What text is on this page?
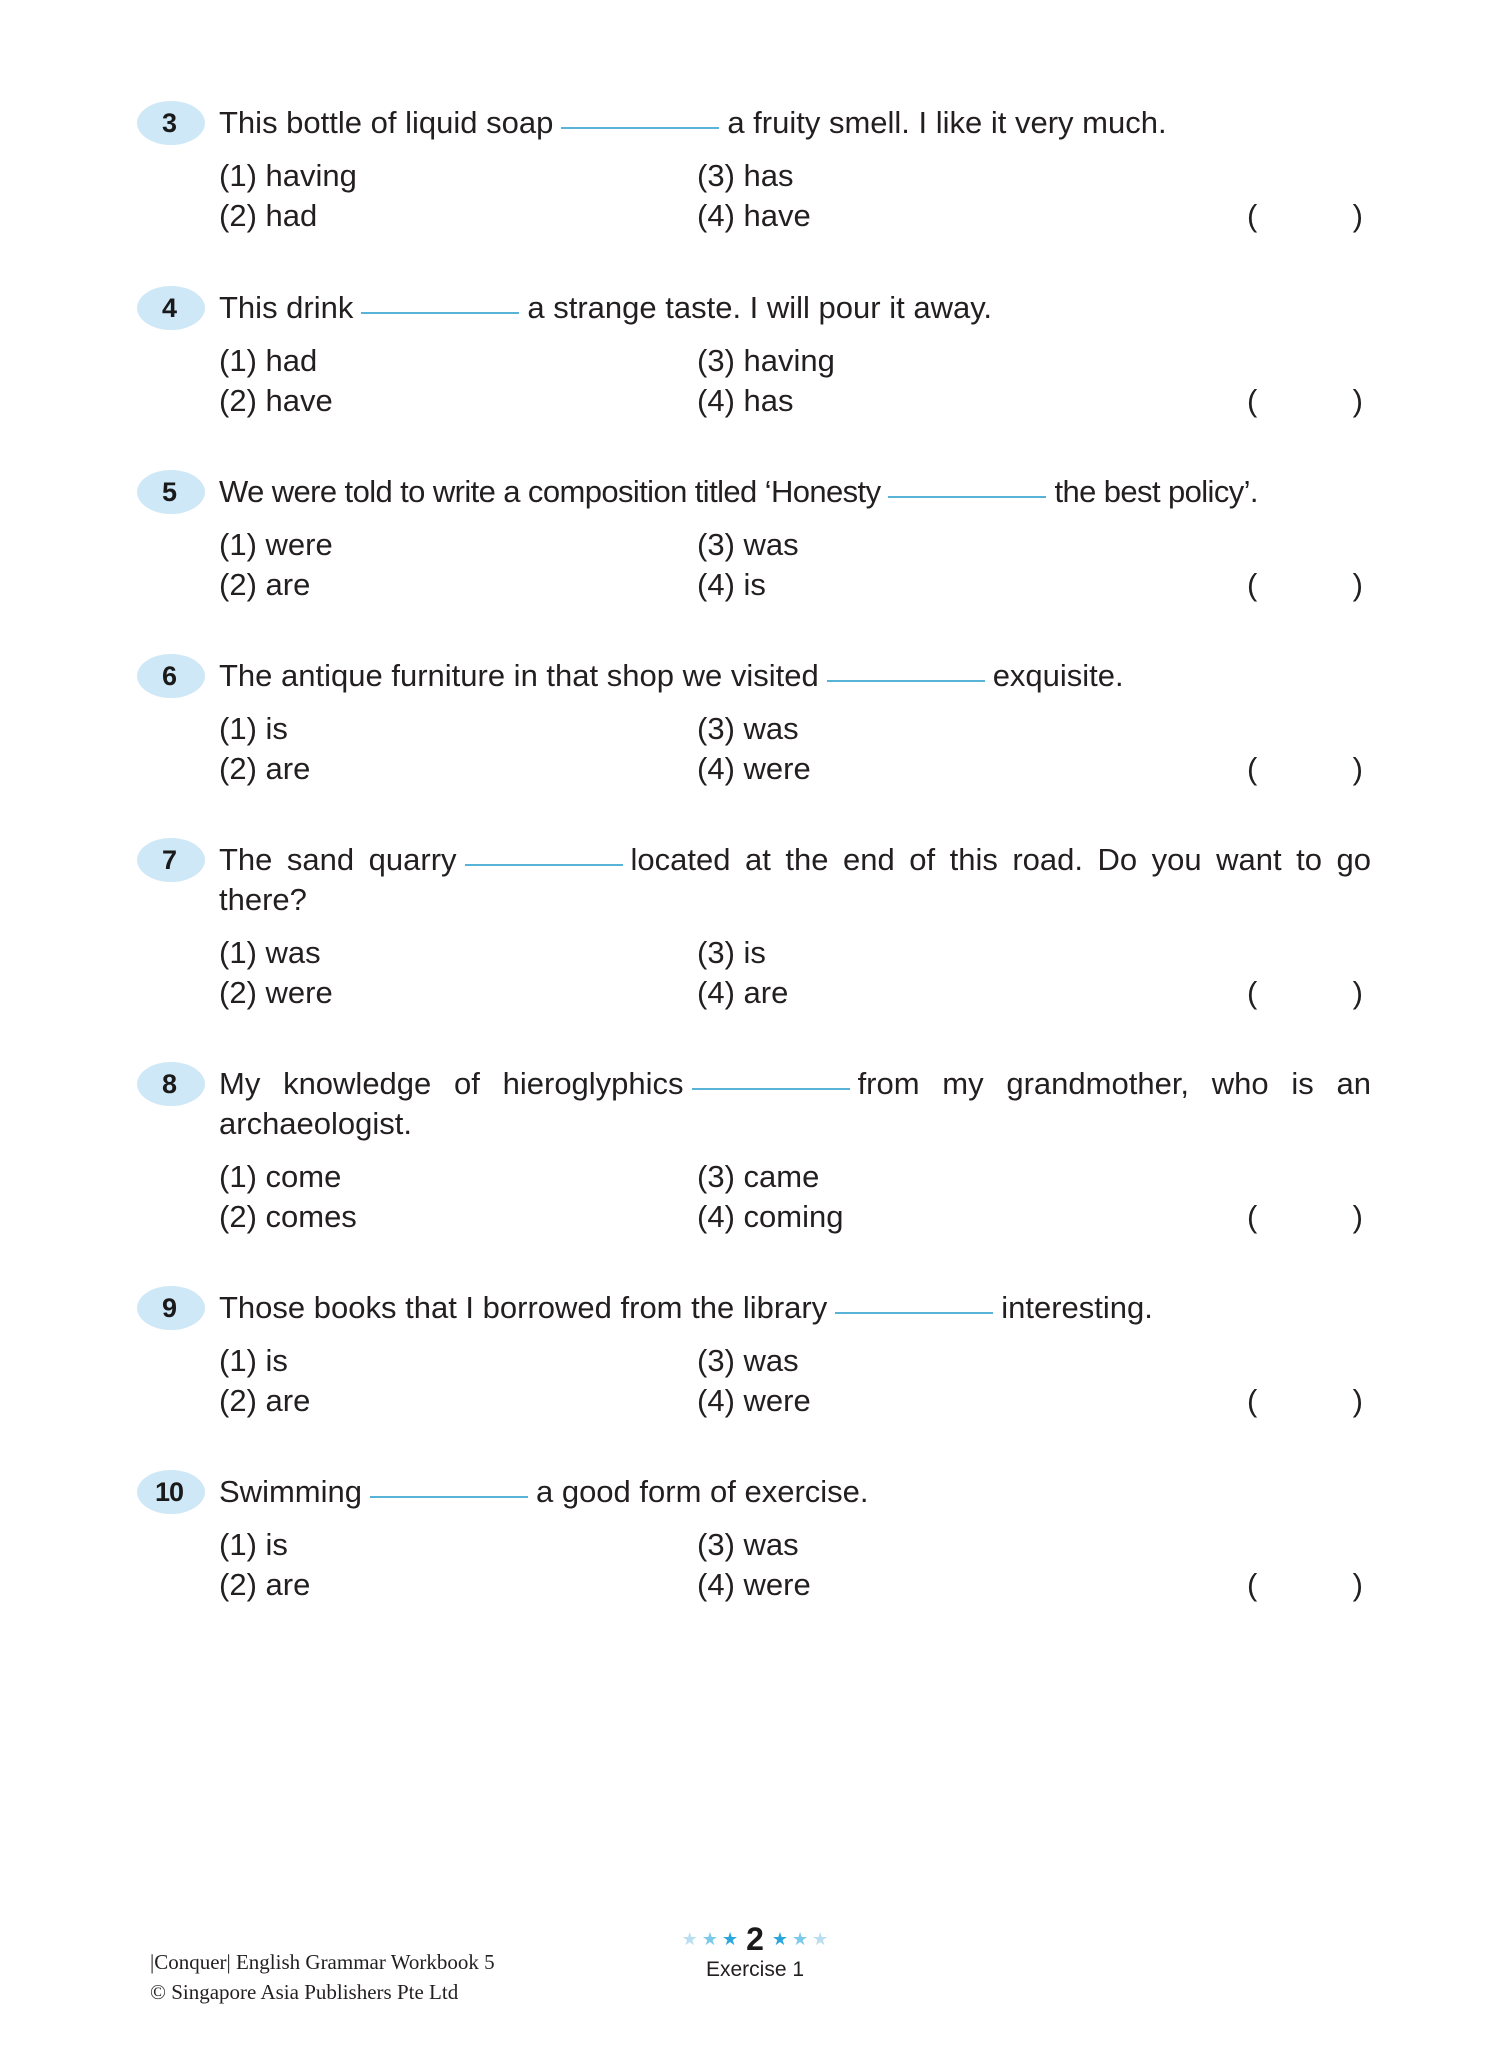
3 This bottle of liquid soap	a fruity smell. I like it very much.
(1) having	(3) has
(2) had	(4) have	(	)
4 This drink	a strange taste. I will pour it away.
(1) had	(3) having
(2) have	(4) has	(	)
5 We were told to write a composition titled ‘Honesty	the best policy’.
(1) were	(3) was
(2) are	(4) is	(	)
6 The antique furniture in that shop we visited	exquisite.
(1) is	(3) was
(2) are	(4) were	(	)
7 The sand quarry	located at the end of this road. Do you want to go there?
(1) was	(3) is
(2) were	(4) are	(	)
8 My knowledge of hieroglyphics	from my grandmother, who is an archaeologist.
(1) come	(3) came
(2) comes	(4) coming	(	)
9 Those books that I borrowed from the library	interesting.
(1) is	(3) was
(2) are	(4) were	(	)
10 Swimming	a good form of exercise.
(1) is	(3) was
(2) are	(4) were	(	)
|Conquer| English Grammar Workbook 5
© Singapore Asia Publishers Pte Ltd
★ ★ ★ 2 ★ ★ ★
Exercise 1
